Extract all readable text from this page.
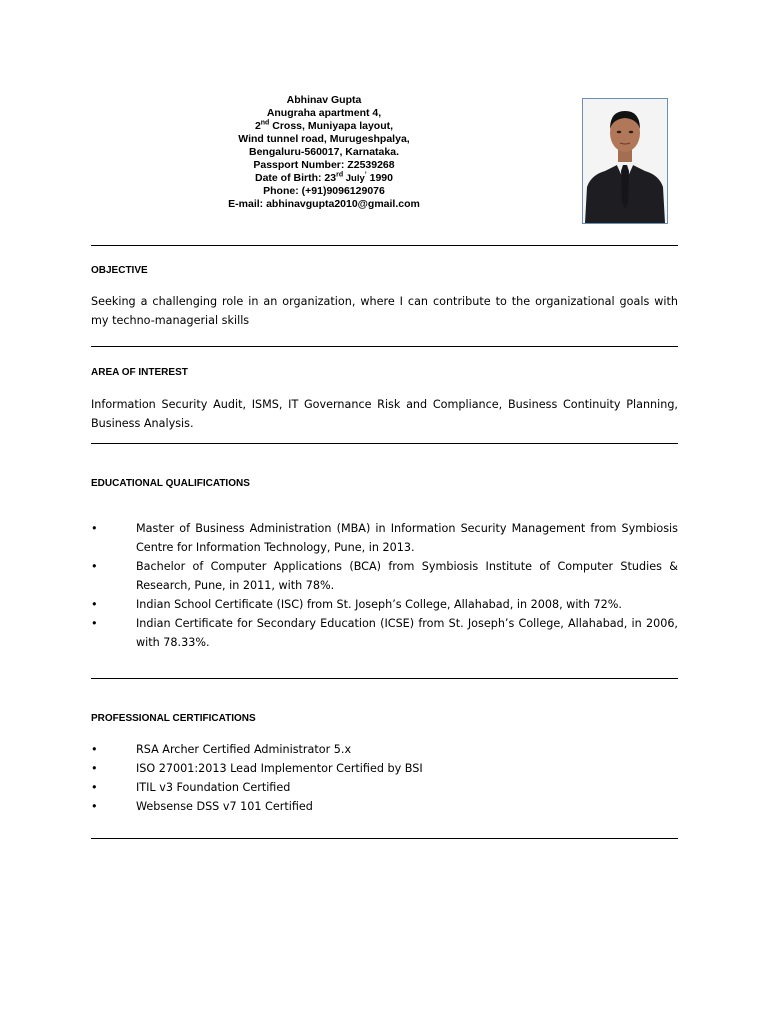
Abhinav Gupta
Anugraha apartment 4,
2nd Cross, Muniyapa layout,
Wind tunnel road, Murugeshpalya,
Bengaluru-560017, Karnataka.
Passport Number: Z2539268
Date of Birth: 23rd July’ 1990
Phone: (+91)9096129076
E-mail: abhinavgupta2010@gmail.com
OBJECTIVE
Seeking a challenging role in an organization, where I can contribute to the organizational goals with my techno-managerial skills
AREA OF INTEREST
Information Security Audit, ISMS, IT Governance Risk and Compliance, Business Continuity Planning, Business Analysis.
EDUCATIONAL QUALIFICATIONS
•	Master of Business Administration (MBA) in Information Security Management from Symbiosis Centre for Information Technology, Pune, in 2013.
•	Bachelor of Computer Applications (BCA) from Symbiosis Institute of Computer Studies & Research, Pune, in 2011, with 78%.
•	Indian School Certificate (ISC) from St. Joseph’s College, Allahabad, in 2008, with 72%.
•	Indian Certificate for Secondary Education (ICSE) from St. Joseph’s College, Allahabad, in 2006, with 78.33%.
PROFESSIONAL CERTIFICATIONS
•	RSA Archer Certified Administrator 5.x
•	ISO 27001:2013 Lead Implementor Certified by BSI
•	ITIL v3 Foundation Certified
•	Websense DSS v7 101 Certified
